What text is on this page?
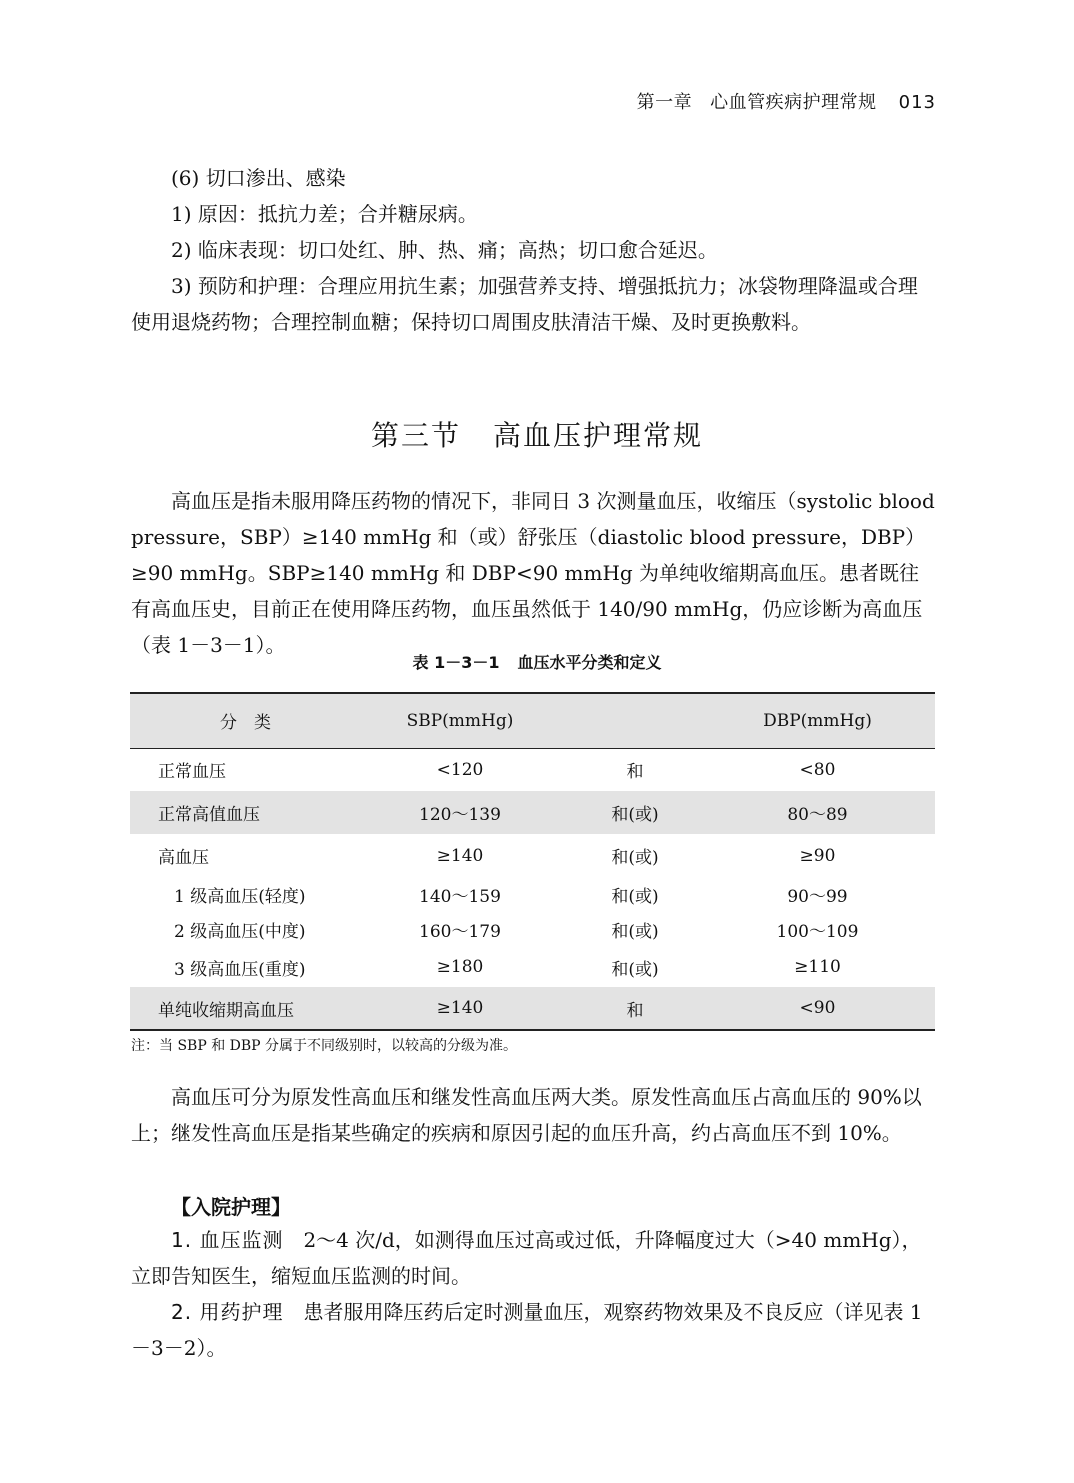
第一章 心血管疾病护理常规 013

(6) 切口渗出、感染

1) 原因：抵抗力差；合并糖尿病。

2) 临床表现：切口处红、肿、热、痛；高热；切口愈合延迟。

3) 预防和护理：合理应用抗生素；加强营养支持、增强抵抗力；冰袋物理降温或合理使用退烧药物；合理控制血糖；保持切口周围皮肤清洁干燥、及时更换敷料。

第三节 高血压护理常规

高血压是指未服用降压药物的情况下，非同日 3 次测量血压，收缩压（systolic blood pressure，SBP）≥140 mmHg 和（或）舒张压（diastolic blood pressure，DBP）≥90 mmHg。SBP≥140 mmHg 和 DBP<90 mmHg 为单纯收缩期高血压。患者既往有高血压史，目前正在使用降压药物，血压虽然低于 140/90 mmHg，仍应诊断为高血压（表 1－3－1）。

表 1－3－1 血压水平分类和定义
分　类	SBP(mmHg)		DBP(mmHg)
正常血压	<120	和	<80
正常高值血压	120～139	和(或)	80～89
高血压	≥140	和(或)	≥90
1 级高血压(轻度)	140～159	和(或)	90～99
2 级高血压(中度)	160～179	和(或)	100～109
3 级高血压(重度)	≥180	和(或)	≥110
单纯收缩期高血压	≥140	和	<90
注：当 SBP 和 DBP 分属于不同级别时，以较高的分级为准。

高血压可分为原发性高血压和继发性高血压两大类。原发性高血压占高血压的 90%以上；继发性高血压是指某些确定的疾病和原因引起的血压升高，约占高血压不到 10%。

【入院护理】

1. 血压监测　 2～4 次/d，如测得血压过高或过低，升降幅度过大（>40 mmHg），立即告知医生，缩短血压监测的时间。

2. 用药护理　 患者服用降压药后定时测量血压，观察药物效果及不良反应（详见表 1－3－2）。
